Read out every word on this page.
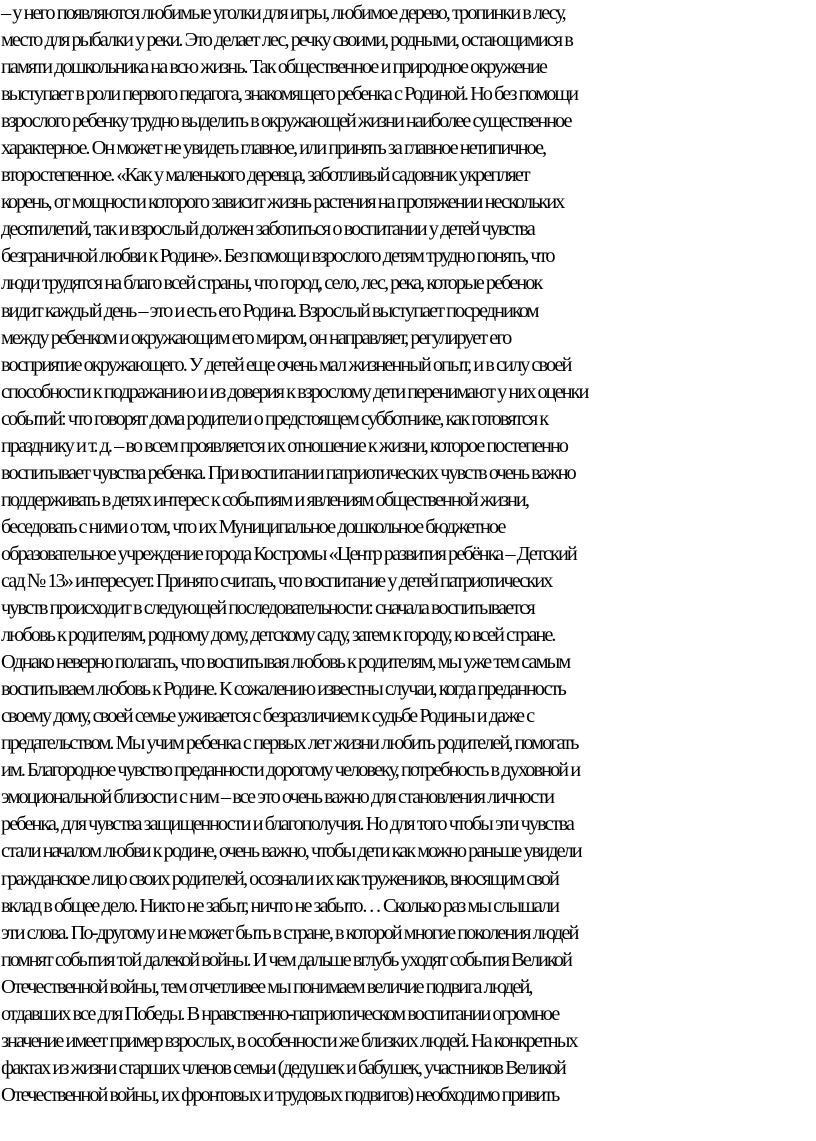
– у него появляются любимые уголки для игры, любимое дерево, тропинки в лесу,
место для рыбалки у реки. Это делает лес, речку своими, родными, остающимися в
памяти дошкольника на всю жизнь. Так общественное и природное окружение
выступает в роли первого педагога, знакомящего ребенка с Родиной. Но без помощи
взрослого ребенку трудно выделить в окружающей жизни наиболее существенное
характерное. Он может не увидеть главное, или принять за главное нетипичное,
второстепенное. «Как у маленького деревца, заботливый садовник укрепляет
корень, от мощности которого зависит жизнь растения на протяжении нескольких
десятилетий, так и взрослый должен заботиться о воспитании у детей чувства
безграничной любви к Родине». Без помощи взрослого детям трудно понять, что
люди трудятся на благо всей страны, что город, село, лес, река, которые ребенок
видит каждый день – это и есть его Родина. Взрослый выступает посредником
между ребенком и окружающим его миром, он направляет, регулирует его
восприятие окружающего. У детей еще очень мал жизненный опыт, и в силу своей
способности к подражанию и из доверия к взрослому дети перенимают у них оценки
событий: что говорят дома родители о предстоящем субботнике, как готовятся к
празднику и т. д. – во всем проявляется их отношение к жизни, которое постепенно
воспитывает чувства ребенка. При воспитании патриотических чувств очень важно
поддерживать в детях интерес к событиям и явлениям общественной жизни,
беседовать с ними о том, что их Муниципальное дошкольное бюджетное
образовательное учреждение города Костромы «Центр развития ребёнка – Детский
сад № 13» интересует. Принято считать, что воспитание у детей патриотических
чувств происходит в следующей последовательности: сначала воспитывается
любовь к родителям, родному дому, детскому саду, затем к городу, ко всей стране.
Однако неверно полагать, что воспитывая любовь к родителям, мы уже тем самым
воспитываем любовь к Родине. К сожалению известны случаи, когда преданность
своему дому, своей семье уживается с безразличием к судьбе Родины и даже с
предательством. Мы учим ребенка с первых лет жизни любить родителей, помогать
им. Благородное чувство преданности дорогому человеку, потребность в духовной и
эмоциональной близости с ним – все это очень важно для становления личности
ребенка, для чувства защищенности и благополучия. Но для того чтобы эти чувства
стали началом любви к родине, очень важно, чтобы дети как можно раньше увидели
гражданское лицо своих родителей, осознали их как тружеников, вносящим свой
вклад в общее дело. Никто не забыт, ничто не забыто… Сколько раз мы слышали
эти слова. По-другому и не может быть в стране, в которой многие поколения людей
помнят события той далекой войны. И чем дальше вглубь уходят события Великой
Отечественной войны, тем отчетливее мы понимаем величие подвига людей,
отдавших все для Победы. В нравственно-патриотическом воспитании огромное
значение имеет пример взрослых, в особенности же близких людей. На конкретных
фактах из жизни старших членов семьи (дедушек и бабушек, участников Великой
Отечественной войны, их фронтовых и трудовых подвигов) необходимо привить
